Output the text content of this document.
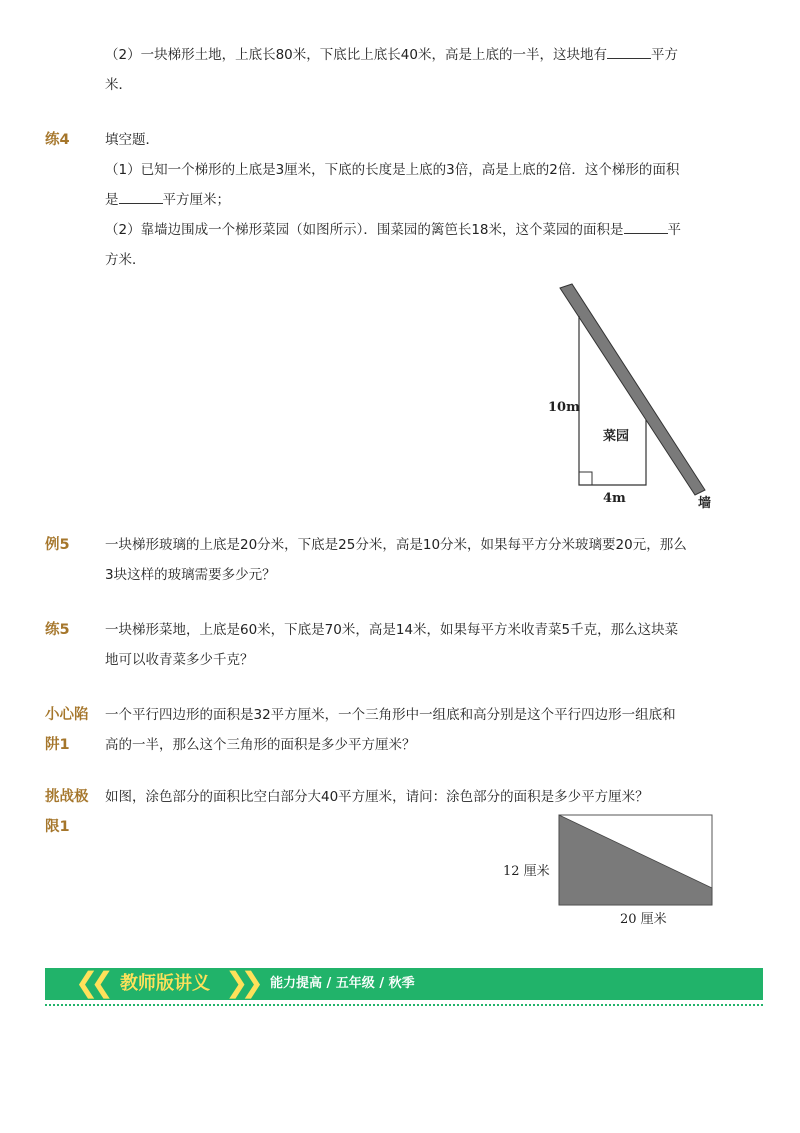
（2）一块梯形土地，上底长80米，下底比上底长40米，高是上底的一半，这块地有	平方
米．
练4	填空题．
（1）已知一个梯形的上底是3厘米，下底的长度是上底的3倍，高是上底的2倍．这个梯形的面积
是	平方厘米；
（2）靠墙边围成一个梯形菜园（如图所示）．围菜园的篱笆长18米，这个菜园的面积是	平
方米．
10m
4m
菜园
墙
例5	一块梯形玻璃的上底是20分米，下底是25分米，高是10分米，如果每平方分米玻璃要20元，那么
3块这样的玻璃需要多少元？
练5	一块梯形菜地，上底是60米，下底是70米，高是14米，如果每平方米收青菜5千克，那么这块菜
地可以收青菜多少千克？
小心陷
阱1
一个平行四边形的面积是32平方厘米，一个三角形中一组底和高分别是这个平行四边形一组底和
高的一半，那么这个三角形的面积是多少平方厘米？
挑战极
限1
如图，涂色部分的面积比空白部分大40平方厘米，请问：涂色部分的面积是多少平方厘米？
12 厘米
20 厘米
❮❮ 教师版讲义 ❯❯ 能力提高 / 五年级 / 秋季
